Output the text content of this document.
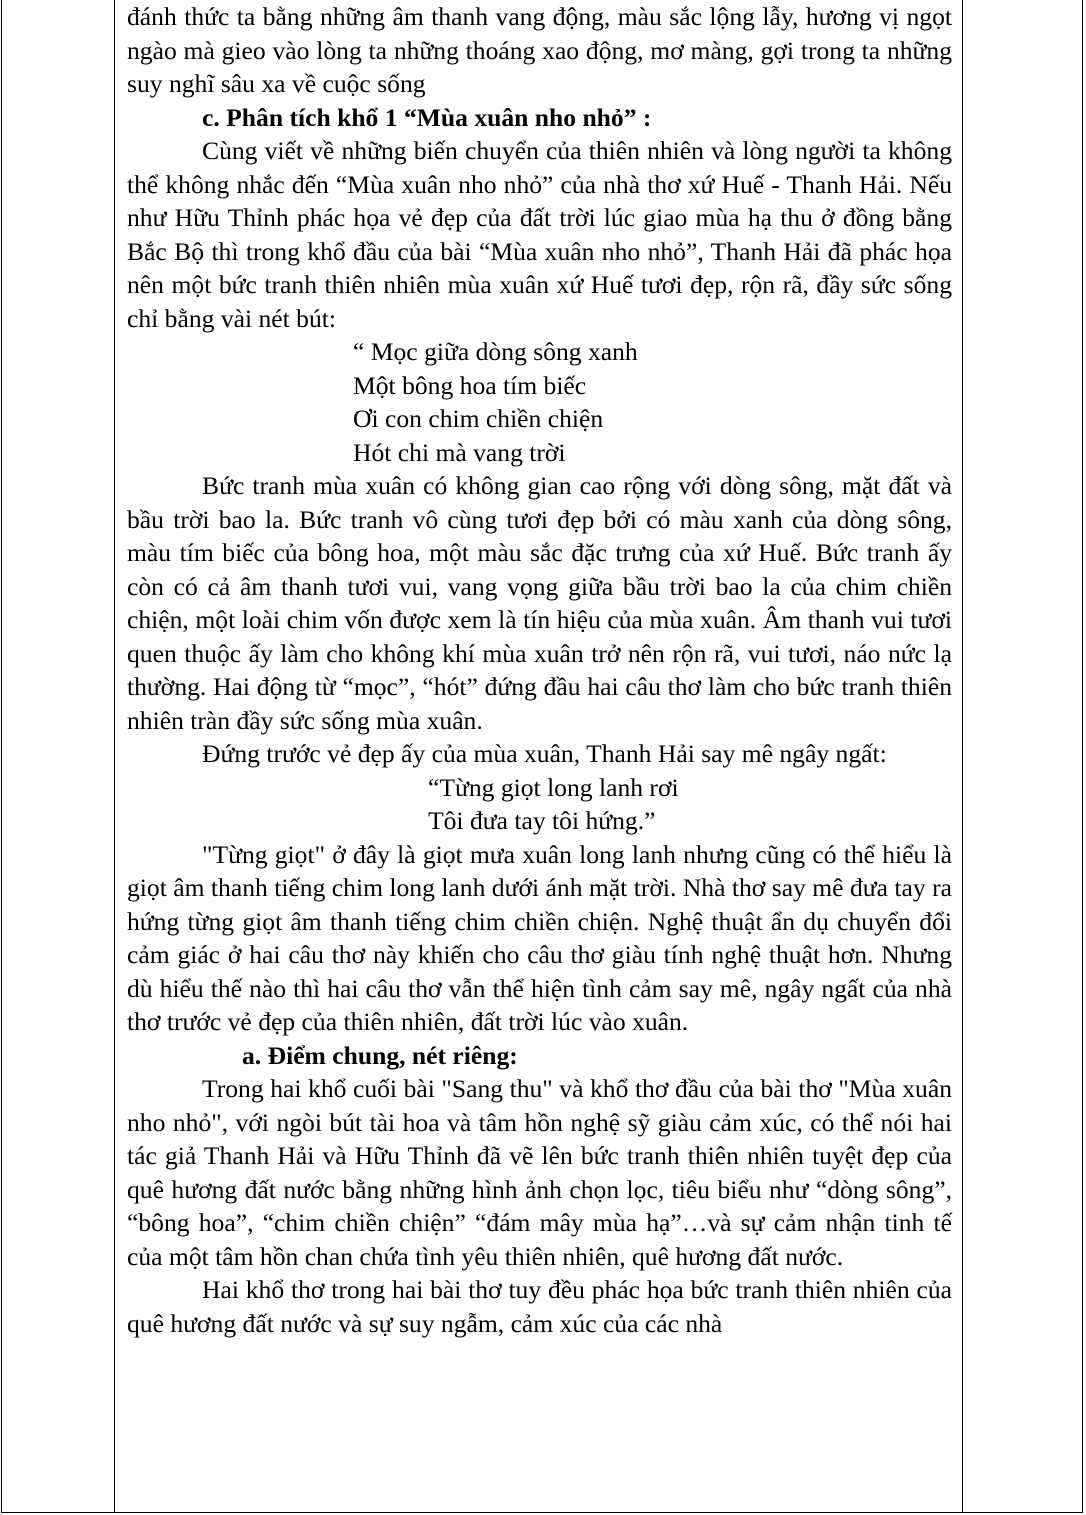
đánh thức ta bằng những âm thanh vang động, màu sắc lộng lẫy, hương vị ngọt ngào mà gieo vào lòng ta những thoáng xao động, mơ màng, gợi trong ta những suy nghĩ sâu xa về cuộc sống

c. Phân tích khổ 1 “Mùa xuân nho nhỏ” :

Cùng viết về những biến chuyển của thiên nhiên và lòng người ta không thể không nhắc đến “Mùa xuân nho nhỏ” của nhà thơ xứ Huế - Thanh Hải. Nếu như Hữu Thỉnh phác họa vẻ đẹp của đất trời lúc giao mùa hạ thu ở đồng bằng Bắc Bộ thì trong khổ đầu của bài “Mùa xuân nho nhỏ”, Thanh Hải đã phác họa nên một bức tranh thiên nhiên mùa xuân xứ Huế tươi đẹp, rộn rã, đầy sức sống chỉ bằng vài nét bút:

“ Mọc giữa dòng sông xanh

Một bông hoa tím biếc

Ơi con chim chiền chiện

Hót chi mà vang trời

Bức tranh mùa xuân có không gian cao rộng với dòng sông, mặt đất và bầu trời bao la. Bức tranh vô cùng tươi đẹp bởi có màu xanh của dòng sông, màu tím biếc của bông hoa, một màu sắc đặc trưng của xứ Huế. Bức tranh ấy còn có cả âm thanh tươi vui, vang vọng giữa bầu trời bao la của chim chiền chiện, một loài chim vốn được xem là tín hiệu của mùa xuân. Âm thanh vui tươi quen thuộc ấy làm cho không khí mùa xuân trở nên rộn rã, vui tươi, náo nức lạ thường. Hai động từ “mọc”, “hót” đứng đầu hai câu thơ làm cho bức tranh thiên nhiên tràn đầy sức sống mùa xuân.

Đứng trước vẻ đẹp ấy của mùa xuân, Thanh Hải say mê ngây ngất:

“Từng giọt long lanh rơi

Tôi đưa tay tôi hứng.”

"Từng giọt" ở đây là giọt mưa xuân long lanh nhưng cũng có thể hiểu là giọt âm thanh tiếng chim long lanh dưới ánh mặt trời. Nhà thơ say mê đưa tay ra hứng từng giọt âm thanh tiếng chim chiền chiện. Nghệ thuật ẩn dụ chuyển đổi cảm giác ở hai câu thơ này khiến cho câu thơ giàu tính nghệ thuật hơn. Nhưng dù hiểu thế nào thì hai câu thơ vẫn thể hiện tình cảm say mê, ngây ngất của nhà thơ trước vẻ đẹp của thiên nhiên, đất trời lúc vào xuân.

a. Điểm chung, nét riêng:

Trong hai khổ cuối bài "Sang thu" và khổ thơ đầu của bài thơ "Mùa xuân nho nhỏ", với ngòi bút tài hoa và tâm hồn nghệ sỹ giàu cảm xúc, có thể nói hai tác giả Thanh Hải và Hữu Thỉnh đã vẽ lên bức tranh thiên nhiên tuyệt đẹp của quê hương đất nước bằng những hình ảnh chọn lọc, tiêu biểu như “dòng sông”, “bông hoa”, “chim chiền chiện” “đám mây mùa hạ”…và sự cảm nhận tinh tế của một tâm hồn chan chứa tình yêu thiên nhiên, quê hương đất nước.

Hai khổ thơ trong hai bài thơ tuy đều phác họa bức tranh thiên nhiên của quê hương đất nước và sự suy ngẫm, cảm xúc của các nhà
